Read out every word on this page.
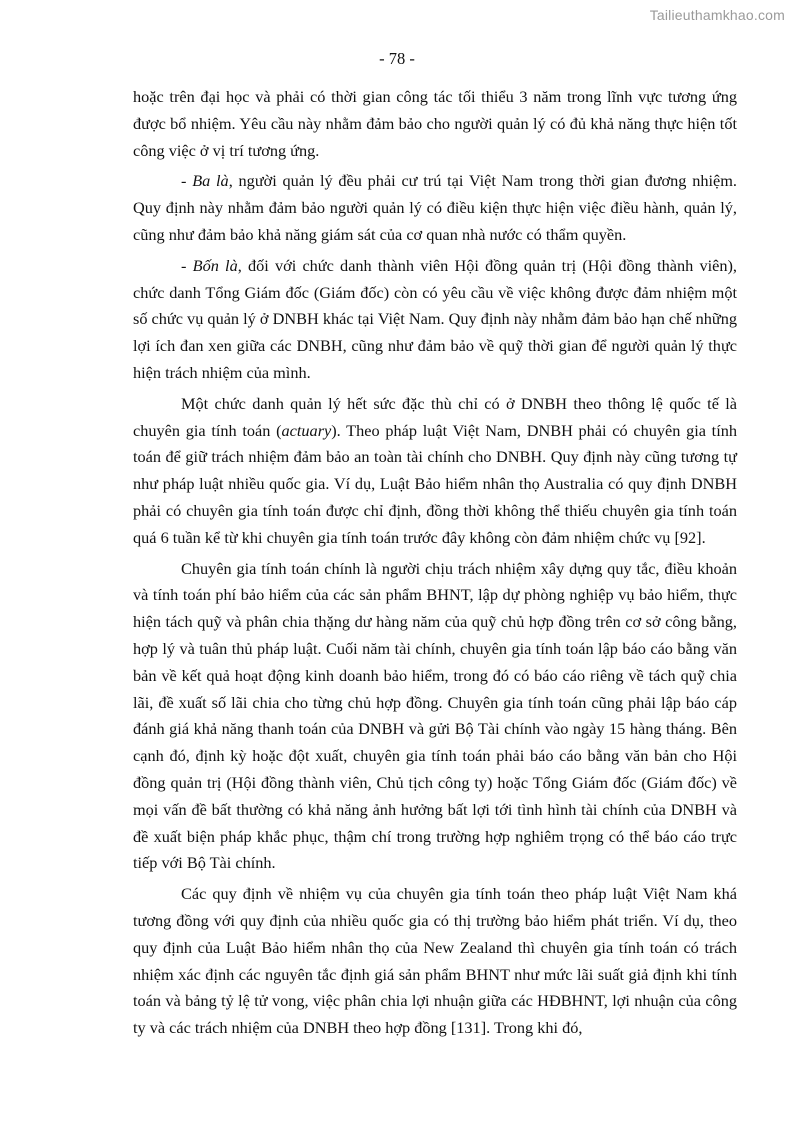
Tailieuthamkhao.com
- 78 -

hoặc trên đại học và phải có thời gian công tác tối thiểu 3 năm trong lĩnh vực tương ứng được bổ nhiệm. Yêu cầu này nhằm đảm bảo cho người quản lý có đủ khả năng thực hiện tốt công việc ở vị trí tương ứng.

- Ba là, người quản lý đều phải cư trú tại Việt Nam trong thời gian đương nhiệm. Quy định này nhằm đảm bảo người quản lý có điều kiện thực hiện việc điều hành, quản lý, cũng như đảm bảo khả năng giám sát của cơ quan nhà nước có thẩm quyền.

- Bốn là, đối với chức danh thành viên Hội đồng quản trị (Hội đồng thành viên), chức danh Tổng Giám đốc (Giám đốc) còn có yêu cầu về việc không được đảm nhiệm một số chức vụ quản lý ở DNBH khác tại Việt Nam. Quy định này nhằm đảm bảo hạn chế những lợi ích đan xen giữa các DNBH, cũng như đảm bảo về quỹ thời gian để người quản lý thực hiện trách nhiệm của mình.

Một chức danh quản lý hết sức đặc thù chỉ có ở DNBH theo thông lệ quốc tế là chuyên gia tính toán (actuary). Theo pháp luật Việt Nam, DNBH phải có chuyên gia tính toán để giữ trách nhiệm đảm bảo an toàn tài chính cho DNBH. Quy định này cũng tương tự như pháp luật nhiều quốc gia. Ví dụ, Luật Bảo hiểm nhân thọ Australia có quy định DNBH phải có chuyên gia tính toán được chỉ định, đồng thời không thể thiếu chuyên gia tính toán quá 6 tuần kể từ khi chuyên gia tính toán trước đây không còn đảm nhiệm chức vụ [92].

Chuyên gia tính toán chính là người chịu trách nhiệm xây dựng quy tắc, điều khoản và tính toán phí bảo hiểm của các sản phẩm BHNT, lập dự phòng nghiệp vụ bảo hiểm, thực hiện tách quỹ và phân chia thặng dư hàng năm của quỹ chủ hợp đồng trên cơ sở công bằng, hợp lý và tuân thủ pháp luật. Cuối năm tài chính, chuyên gia tính toán lập báo cáo bằng văn bản về kết quả hoạt động kinh doanh bảo hiểm, trong đó có báo cáo riêng về tách quỹ chia lãi, đề xuất số lãi chia cho từng chủ hợp đồng. Chuyên gia tính toán cũng phải lập báo cáp đánh giá khả năng thanh toán của DNBH và gửi Bộ Tài chính vào ngày 15 hàng tháng. Bên cạnh đó, định kỳ hoặc đột xuất, chuyên gia tính toán phải báo cáo bằng văn bản cho Hội đồng quản trị (Hội đồng thành viên, Chủ tịch công ty) hoặc Tổng Giám đốc (Giám đốc) về mọi vấn đề bất thường có khả năng ảnh hưởng bất lợi tới tình hình tài chính của DNBH và đề xuất biện pháp khắc phục, thậm chí trong trường hợp nghiêm trọng có thể báo cáo trực tiếp với Bộ Tài chính.

Các quy định về nhiệm vụ của chuyên gia tính toán theo pháp luật Việt Nam khá tương đồng với quy định của nhiều quốc gia có thị trường bảo hiểm phát triển. Ví dụ, theo quy định của Luật Bảo hiểm nhân thọ của New Zealand thì chuyên gia tính toán có trách nhiệm xác định các nguyên tắc định giá sản phẩm BHNT như mức lãi suất giả định khi tính toán và bảng tỷ lệ tử vong, việc phân chia lợi nhuận giữa các HĐBHNT, lợi nhuận của công ty và các trách nhiệm của DNBH theo hợp đồng [131]. Trong khi đó,
